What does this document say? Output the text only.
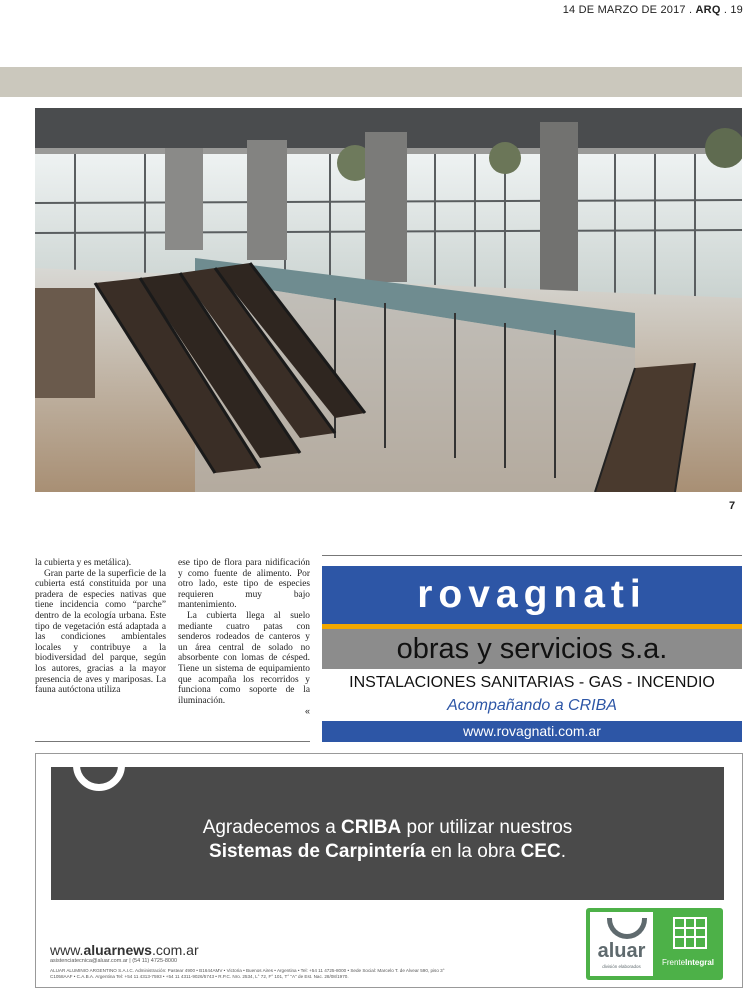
14 DE MARZO DE 2017 . ARQ . 19
7

la cubierta y es metálica).

Gran parte de la superficie de la cubierta está constituida por una pradera de especies nativas que tiene incidencia como “parche” dentro de la ecología urbana. Este tipo de vegetación está adaptada a las condiciones ambientales locales y contribuye a la biodiversidad del parque, según los autores, gracias a la mayor presencia de aves y mariposas. La fauna autóctona utiliza

ese tipo de flora para nidificación y como fuente de alimento. Por otro lado, este tipo de especies requieren muy bajo mantenimiento.

La cubierta llega al suelo mediante cuatro patas con senderos rodeados de canteros y un área central de solado no absorbente con lomas de césped. Tiene un sistema de equipamiento que acompaña los recorridos y funciona como soporte de la iluminación.

«
rovagnati
obras y servicios s.a.
INSTALACIONES SANITARIAS - GAS - INCENDIO
Acompañando a CRIBA
www.rovagnati.com.ar
Agradecemos a CRIBA por utilizar nuestros
Sistemas de Carpintería en la obra CEC.
www.aluarnews.com.ar
asistenciatecnica@aluar.com.ar | (54 11) 4725-8000
ALUAR ALUMINIO ARGENTINO S.A.I.C. Administración: Pastear 4900 • B1644AMV • Victoria • Buenos Aires • Argentina • Tel: +54 11 4725-8000 • Sede Social: Marcelo T. de Alvear 590, piso 3°
C1058AAF • C.A.B.A. Argentina Tel: +54 11 4313-7593 • +54 11 4311-9026/5743 • R.P.C. Nro. 2534, L° 72, F° 101, T° "A" de Est. Nac. 28/08/1970.
aluar
división elaborados	FrenteIntegral
